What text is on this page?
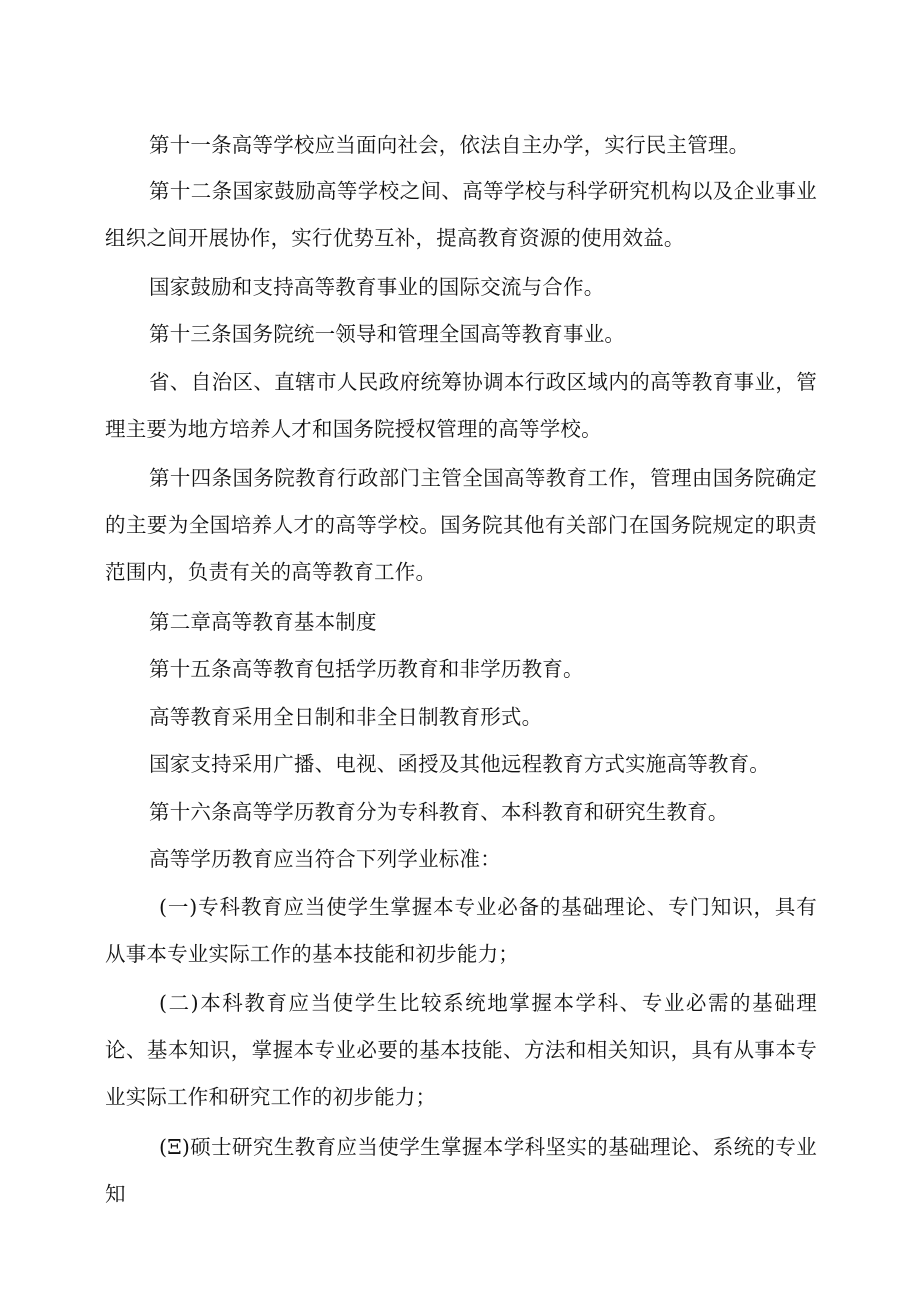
第十一条高等学校应当面向社会，依法自主办学，实行民主管理。

第十二条国家鼓励高等学校之间、高等学校与科学研究机构以及企业事业组织之间开展协作，实行优势互补，提高教育资源的使用效益。

国家鼓励和支持高等教育事业的国际交流与合作。

第十三条国务院统一领导和管理全国高等教育事业。

省、自治区、直辖市人民政府统筹协调本行政区域内的高等教育事业，管理主要为地方培养人才和国务院授权管理的高等学校。

第十四条国务院教育行政部门主管全国高等教育工作，管理由国务院确定的主要为全国培养人才的高等学校。国务院其他有关部门在国务院规定的职责范围内，负责有关的高等教育工作。

第二章高等教育基本制度

第十五条高等教育包括学历教育和非学历教育。

高等教育采用全日制和非全日制教育形式。

国家支持采用广播、电视、函授及其他远程教育方式实施高等教育。

第十六条高等学历教育分为专科教育、本科教育和研究生教育。

高等学历教育应当符合下列学业标准：

(一)专科教育应当使学生掌握本专业必备的基础理论、专门知识，具有从事本专业实际工作的基本技能和初步能力；

(二)本科教育应当使学生比较系统地掌握本学科、专业必需的基础理论、基本知识，掌握本专业必要的基本技能、方法和相关知识，具有从事本专业实际工作和研究工作的初步能力；

(Ξ)硕士研究生教育应当使学生掌握本学科坚实的基础理论、系统的专业知
